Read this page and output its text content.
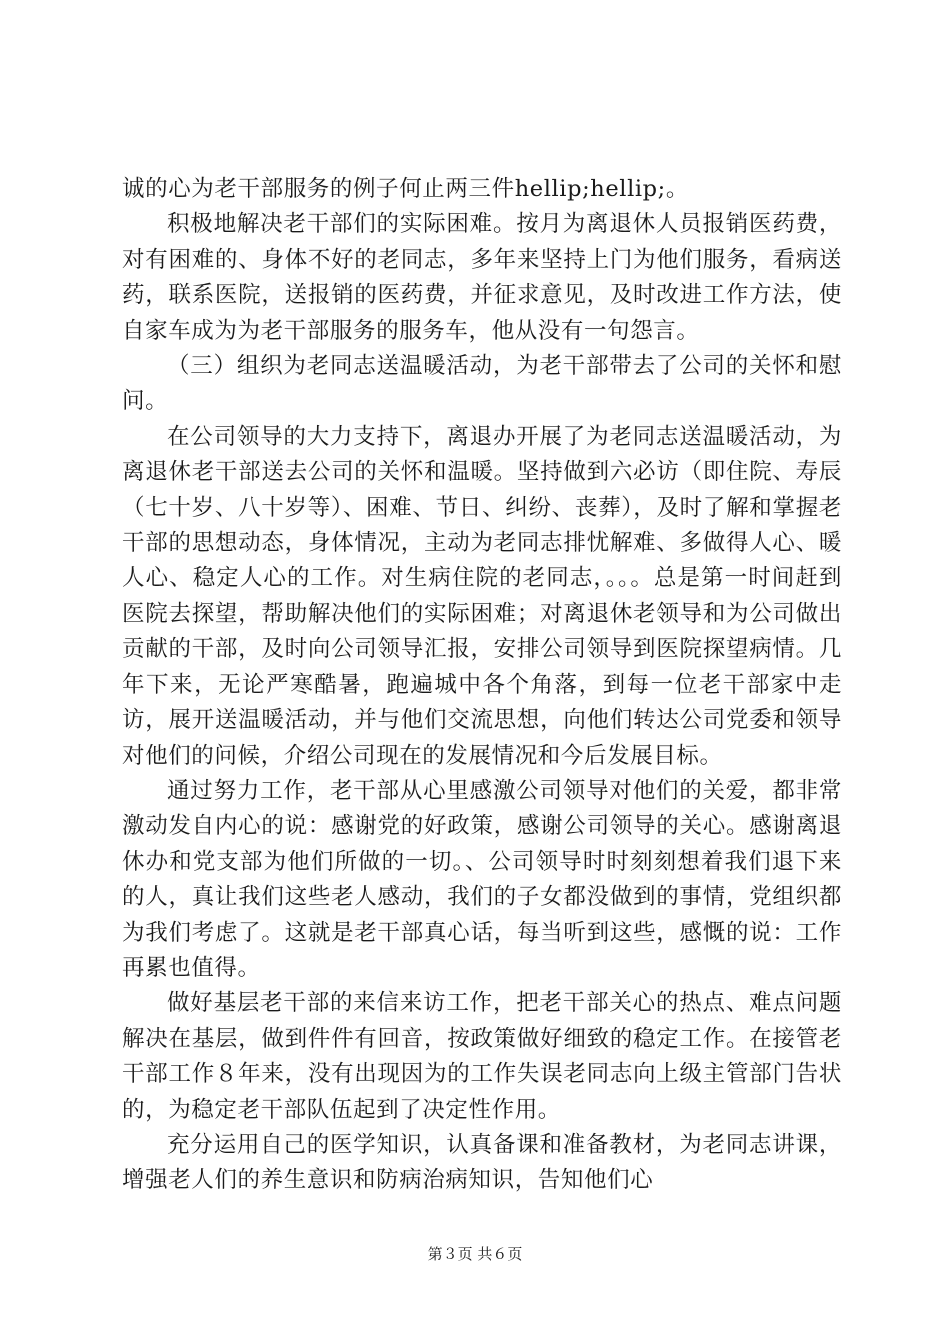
诚的心为老干部服务的例子何止两三件hellip;hellip;。

积极地解决老干部们的实际困难。按月为离退休人员报销医药费，对有困难的、身体不好的老同志，多年来坚持上门为他们服务，看病送药，联系医院，送报销的医药费，并征求意见，及时改进工作方法，使自家车成为为老干部服务的服务车，他从没有一句怨言。

（三）组织为老同志送温暖活动，为老干部带去了公司的关怀和慰问。

在公司领导的大力支持下，离退办开展了为老同志送温暖活动，为离退休老干部送去公司的关怀和温暖。坚持做到六必访（即住院、寿辰（七十岁、八十岁等）、困难、节日、纠纷、丧葬），及时了解和掌握老干部的思想动态，身体情况，主动为老同志排忧解难、多做得人心、暖人心、稳定人心的工作。对生病住院的老同志，。。。总是第一时间赶到医院去探望，帮助解决他们的实际困难；对离退休老领导和为公司做出贡献的干部，及时向公司领导汇报，安排公司领导到医院探望病情。几年下来，无论严寒酷暑，跑遍城中各个角落，到每一位老干部家中走访，展开送温暖活动，并与他们交流思想，向他们转达公司党委和领导对他们的问候，介绍公司现在的发展情况和今后发展目标。

通过努力工作，老干部从心里感激公司领导对他们的关爱，都非常激动发自内心的说：感谢党的好政策，感谢公司领导的关心。感谢离退休办和党支部为他们所做的一切。、公司领导时时刻刻想着我们退下来的人，真让我们这些老人感动，我们的子女都没做到的事情，党组织都为我们考虑了。这就是老干部真心话，每当听到这些，感慨的说：工作再累也值得。

做好基层老干部的来信来访工作，把老干部关心的热点、难点问题解决在基层，做到件件有回音，按政策做好细致的稳定工作。在接管老干部工作８年来，没有出现因为的工作失误老同志向上级主管部门告状的，为稳定老干部队伍起到了决定性作用。

充分运用自己的医学知识，认真备课和准备教材，为老同志讲课，增强老人们的养生意识和防病治病知识，告知他们心

第３页 共６页
